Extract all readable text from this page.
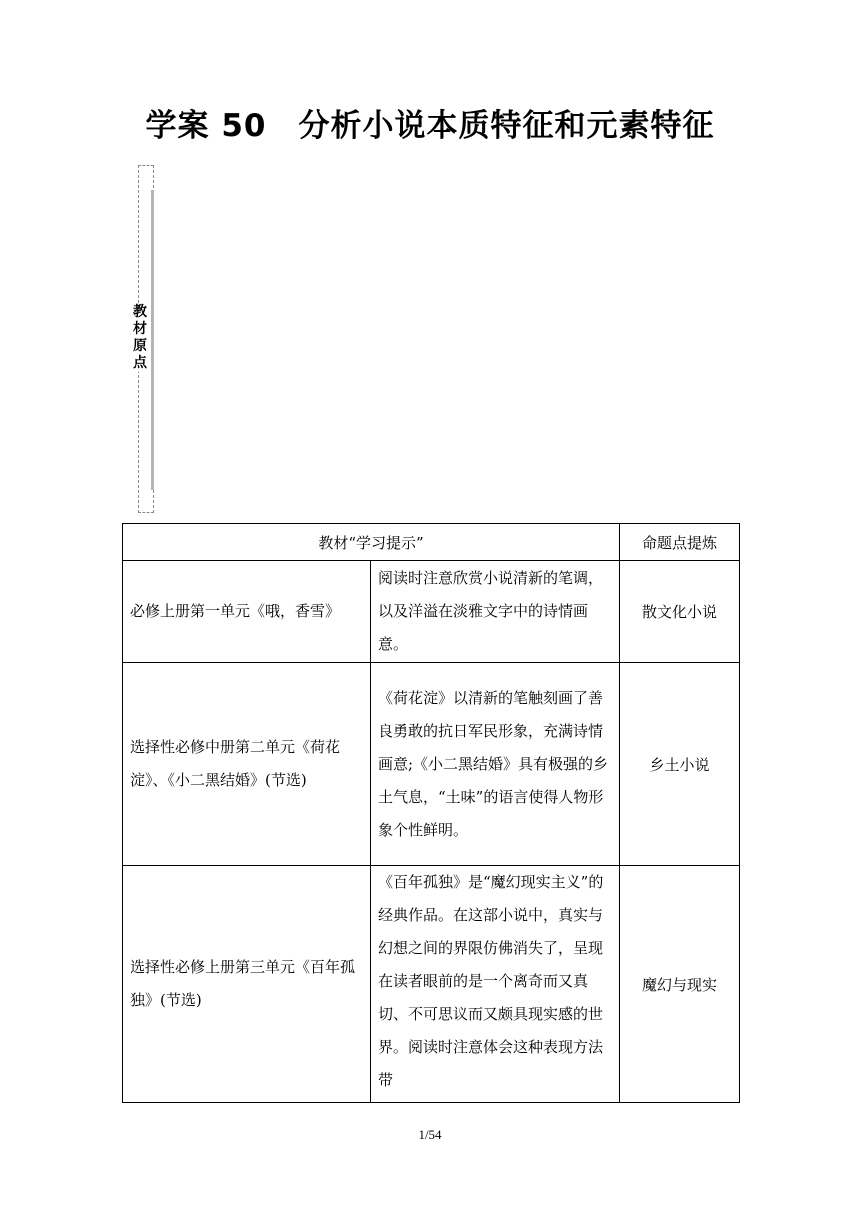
学案 50　分析小说本质特征和元素特征
教
材
原
点
教材“学习提示”		命题点提炼
必修上册第一单元《哦，香雪》	阅读时注意欣赏小说清新的笔调，以及洋溢在淡雅文字中的诗情画意。	散文化小说
选择性必修中册第二单元《荷花淀》、《小二黑结婚》(节选)	《荷花淀》以清新的笔触刻画了善良勇敢的抗日军民形象，充满诗情画意;《小二黑结婚》具有极强的乡土气息，“土味”的语言使得人物形象个性鲜明。	乡土小说
选择性必修上册第三单元《百年孤独》(节选)	《百年孤独》是“魔幻现实主义”的经典作品。在这部小说中，真实与幻想之间的界限仿佛消失了，呈现在读者眼前的是一个离奇而又真切、不可思议而又颇具现实感的世界。阅读时注意体会这种表现方法带	魔幻与现实
1/54
